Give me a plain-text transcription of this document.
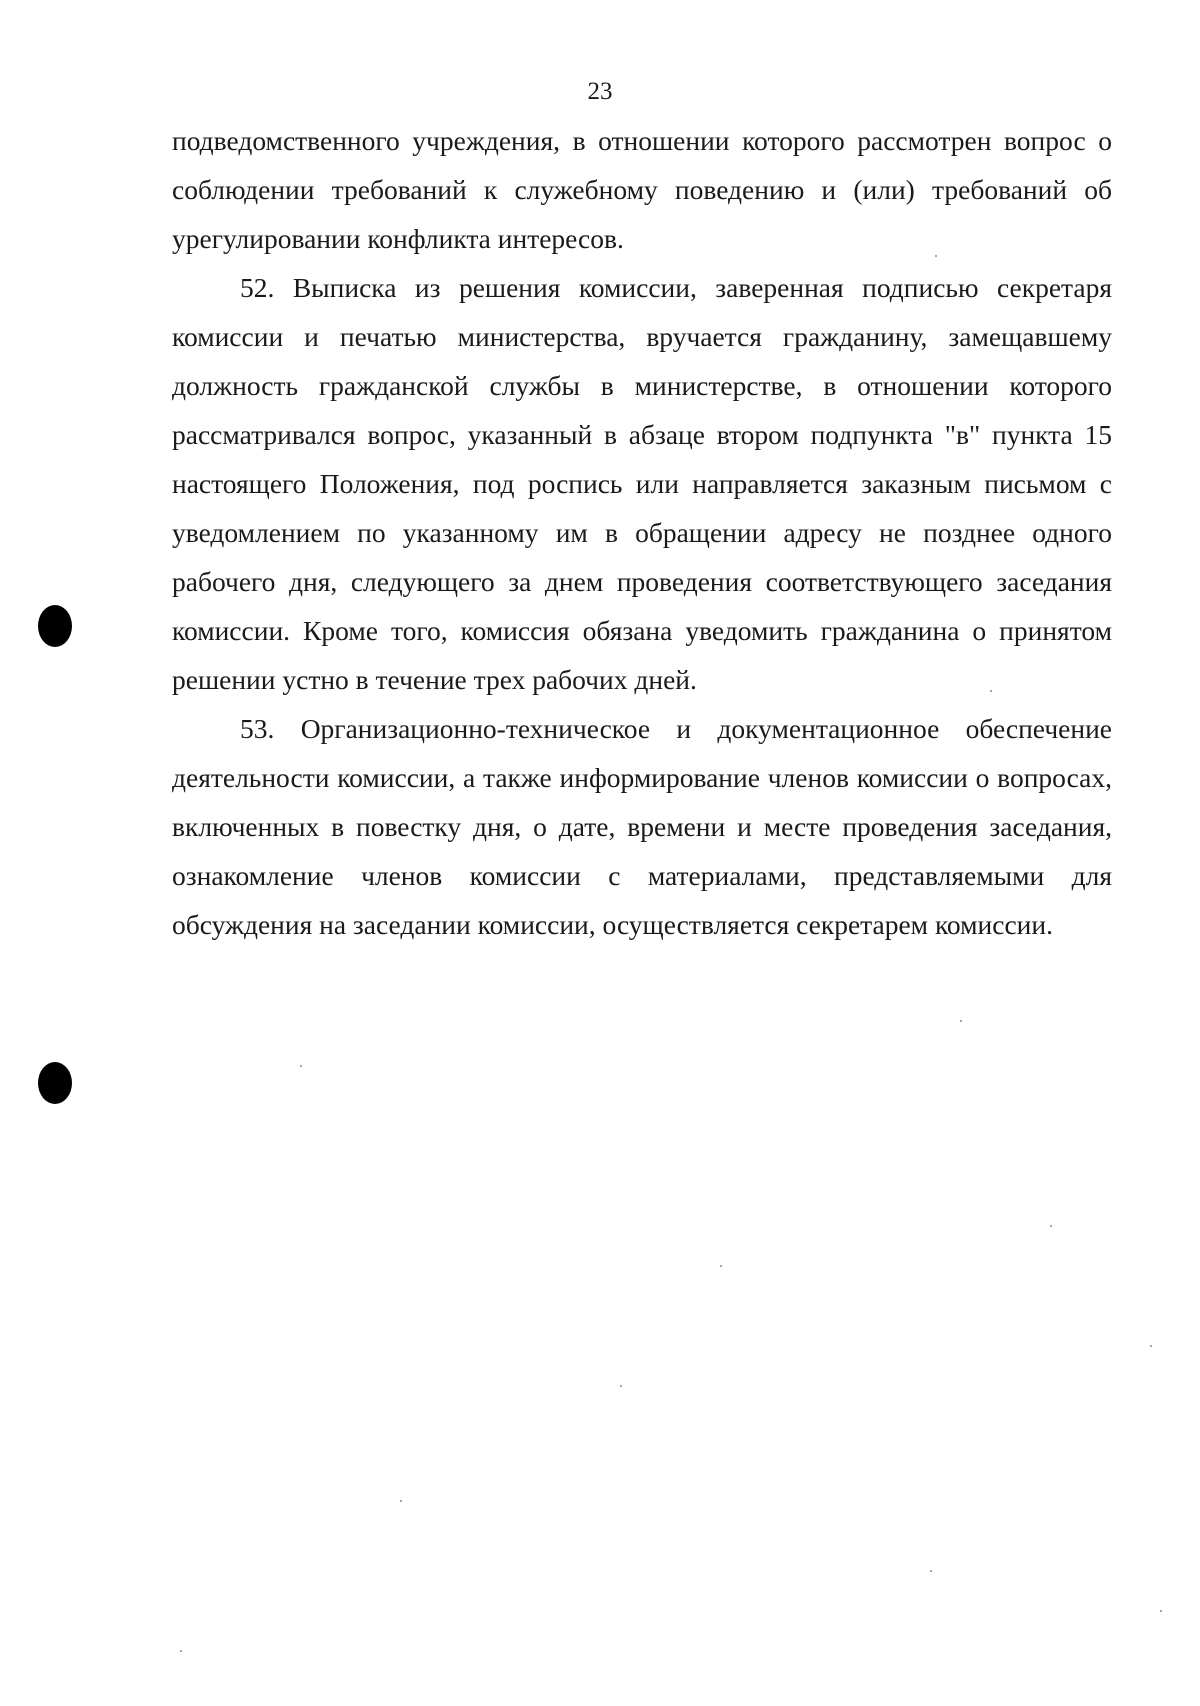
23

подведомственного учреждения, в отношении которого рассмотрен вопрос о соблюдении требований к служебному поведению и (или) требований об урегулировании конфликта интересов.

52. Выписка из решения комиссии, заверенная подписью секретаря комиссии и печатью министерства, вручается гражданину, замещавшему должность гражданской службы в министерстве, в отношении которого рассматривался вопрос, указанный в абзаце втором подпункта "в" пункта 15 настоящего Положения, под роспись или направляется заказным письмом с уведомлением по указанному им в обращении адресу не позднее одного рабочего дня, следующего за днем проведения соответствующего заседания комиссии. Кроме того, комиссия обязана уведомить гражданина о принятом решении устно в течение трех рабочих дней.

53. Организационно-техническое и документационное обеспечение деятельности комиссии, а также информирование членов комиссии о вопросах, включенных в повестку дня, о дате, времени и месте проведения заседания, ознакомление членов комиссии с материалами, представляемыми для обсуждения на заседании комиссии, осуществляется секретарем комиссии.
